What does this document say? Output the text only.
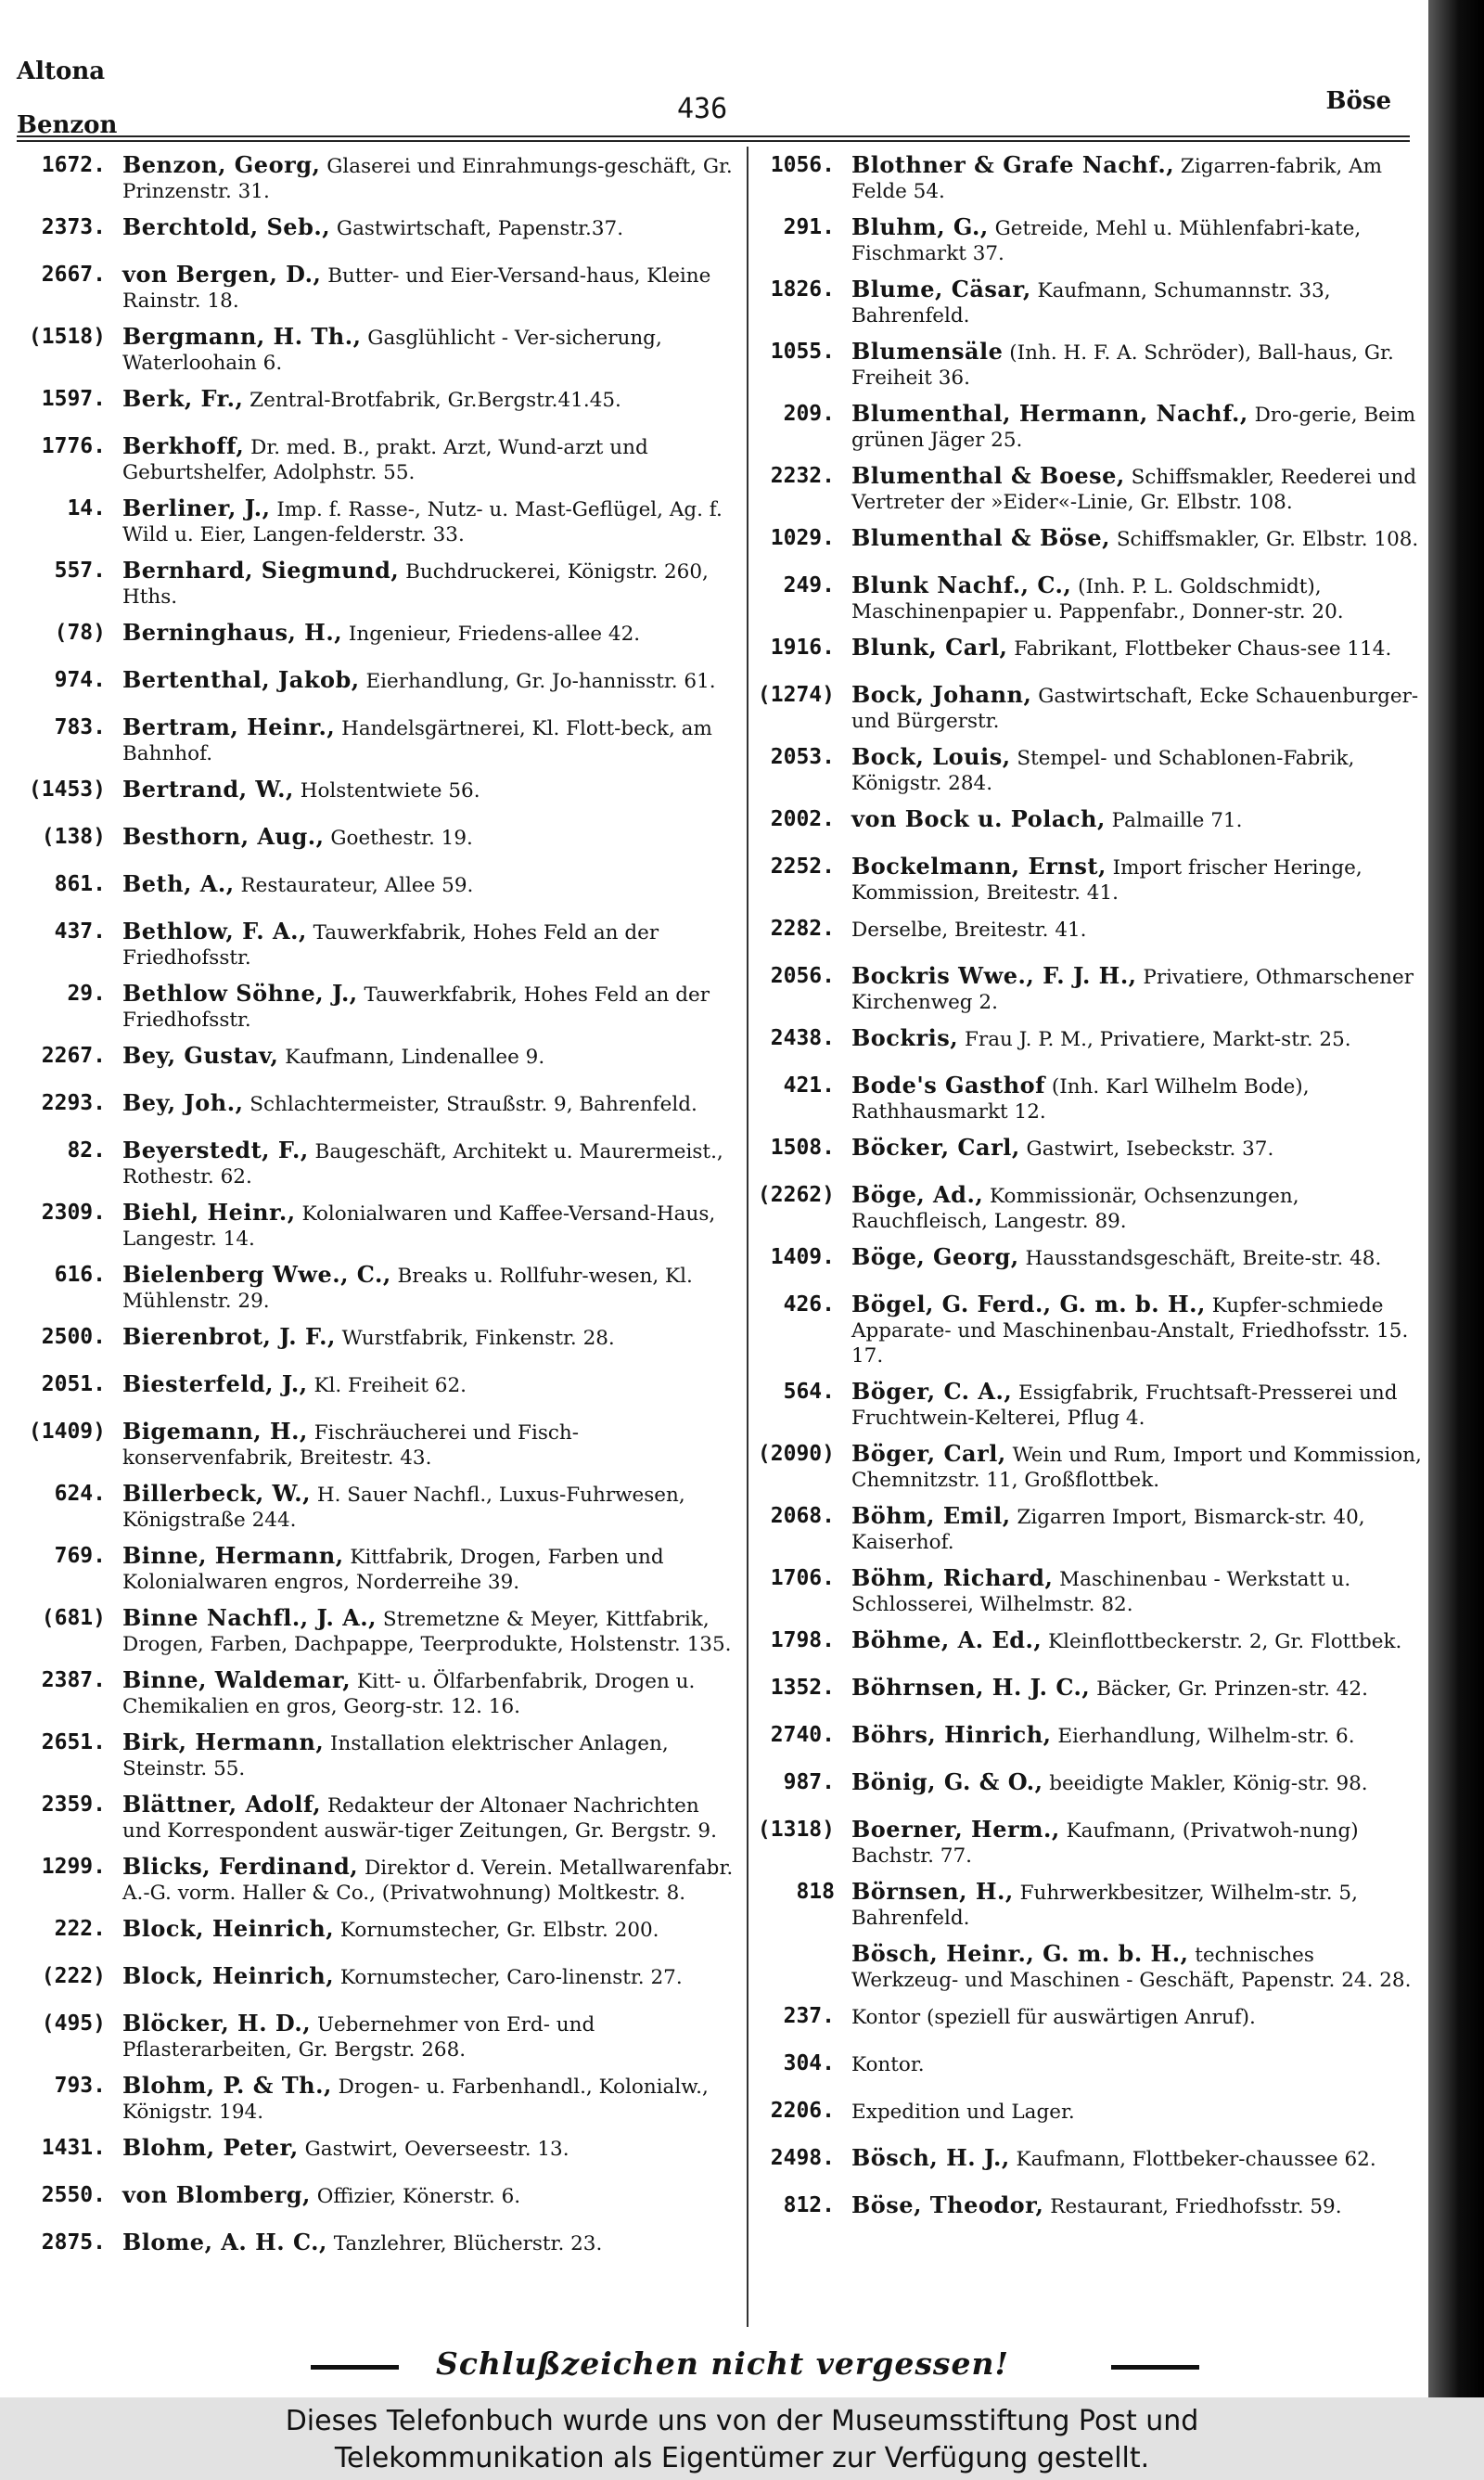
Altona
Benzon	436	Böse
1672. Benzon, Georg, Glaserei und Einrahmungs-geschäft, Gr. Prinzenstr. 31.
2373. Berchtold, Seb., Gastwirtschaft, Papenstr.37.
2667. von Bergen, D., Butter- und Eier-Versand-haus, Kleine Rainstr. 18.
(1518) Bergmann, H. Th., Gasglühlicht - Ver-sicherung, Waterloohain 6.
1597. Berk, Fr., Zentral-Brotfabrik, Gr.Bergstr.41.45.
1776. Berkhoff, Dr. med. B., prakt. Arzt, Wund-arzt und Geburtshelfer, Adolphstr. 55.
14. Berliner, J., Imp. f. Rasse-, Nutz- u. Mast-Geflügel, Ag. f. Wild u. Eier, Langen-felderstr. 33.
557. Bernhard, Siegmund, Buchdruckerei, Königstr. 260, Hths.
(78) Berninghaus, H., Ingenieur, Friedens-allee 42.
974. Bertenthal, Jakob, Eierhandlung, Gr. Jo-hannisstr. 61.
783. Bertram, Heinr., Handelsgärtnerei, Kl. Flott-beck, am Bahnhof.
(1453) Bertrand, W., Holstentwiete 56.
(138) Besthorn, Aug., Goethestr. 19.
861. Beth, A., Restaurateur, Allee 59.
437. Bethlow, F. A., Tauwerkfabrik, Hohes Feld an der Friedhofsstr.
29. Bethlow Söhne, J., Tauwerkfabrik, Hohes Feld an der Friedhofsstr.
2267. Bey, Gustav, Kaufmann, Lindenallee 9.
2293. Bey, Joh., Schlachtermeister, Straußstr. 9, Bahrenfeld.
82. Beyerstedt, F., Baugeschäft, Architekt u. Maurermeist., Rothestr. 62.
2309. Biehl, Heinr., Kolonialwaren und Kaffee-Versand-Haus, Langestr. 14.
616. Bielenberg Wwe., C., Breaks u. Rollfuhr-wesen, Kl. Mühlenstr. 29.
2500. Bierenbrot, J. F., Wurstfabrik, Finkenstr. 28.
2051. Biesterfeld, J., Kl. Freiheit 62.
(1409) Bigemann, H., Fischräucherei und Fisch-konservenfabrik, Breitestr. 43.
624. Billerbeck, W., H. Sauer Nachfl., Luxus-Fuhrwesen, Königstraße 244.
769. Binne, Hermann, Kittfabrik, Drogen, Farben und Kolonialwaren engros, Norderreihe 39.
(681) Binne Nachfl., J. A., Stremetzne & Meyer, Kittfabrik, Drogen, Farben, Dachpappe, Teerprodukte, Holstenstr. 135.
2387. Binne, Waldemar, Kitt- u. Ölfarbenfabrik, Drogen u. Chemikalien en gros, Georg-str. 12. 16.
2651. Birk, Hermann, Installation elektrischer Anlagen, Steinstr. 55.
2359. Blättner, Adolf, Redakteur der Altonaer Nachrichten und Korrespondent auswär-tiger Zeitungen, Gr. Bergstr. 9.
1299. Blicks, Ferdinand, Direktor d. Verein. Metallwarenfabr. A.-G. vorm. Haller & Co., (Privatwohnung) Moltkestr. 8.
222. Block, Heinrich, Kornumstecher, Gr. Elbstr. 200.
(222) Block, Heinrich, Kornumstecher, Caro-linenstr. 27.
(495) Blöcker, H. D., Uebernehmer von Erd- und Pflasterarbeiten, Gr. Bergstr. 268.
793. Blohm, P. & Th., Drogen- u. Farbenhandl., Kolonialw., Königstr. 194.
1431. Blohm, Peter, Gastwirt, Oeverseestr. 13.
2550. von Blomberg, Offizier, Könerstr. 6.
2875. Blome, A. H. C., Tanzlehrer, Blücherstr. 23.
1056. Blothner & Grafe Nachf., Zigarren-fabrik, Am Felde 54.
291. Bluhm, G., Getreide, Mehl u. Mühlenfabri-kate, Fischmarkt 37.
1826. Blume, Cäsar, Kaufmann, Schumannstr. 33, Bahrenfeld.
1055. Blumensäle (Inh. H. F. A. Schröder), Ball-haus, Gr. Freiheit 36.
209. Blumenthal, Hermann, Nachf., Dro-gerie, Beim grünen Jäger 25.
2232. Blumenthal & Boese, Schiffsmakler, Reederei und Vertreter der »Eider«-Linie, Gr. Elbstr. 108.
1029. Blumenthal & Böse, Schiffsmakler, Gr. Elbstr. 108.
249. Blunk Nachf., C., (Inh. P. L. Goldschmidt), Maschinenpapier u. Pappenfabr., Donner-str. 20.
1916. Blunk, Carl, Fabrikant, Flottbeker Chaus-see 114.
(1274) Bock, Johann, Gastwirtschaft, Ecke Schauenburger- und Bürgerstr.
2053. Bock, Louis, Stempel- und Schablonen-Fabrik, Königstr. 284.
2002. von Bock u. Polach, Palmaille 71.
2252. Bockelmann, Ernst, Import frischer Heringe, Kommission, Breitestr. 41.
2282. Derselbe, Breitestr. 41.
2056. Bockris Wwe., F. J. H., Privatiere, Othmarschener Kirchenweg 2.
2438. Bockris, Frau J. P. M., Privatiere, Markt-str. 25.
421. Bode's Gasthof (Inh. Karl Wilhelm Bode), Rathhausmarkt 12.
1508. Böcker, Carl, Gastwirt, Isebeckstr. 37.
(2262) Böge, Ad., Kommissionär, Ochsenzungen, Rauchfleisch, Langestr. 89.
1409. Böge, Georg, Hausstandsgeschäft, Breite-str. 48.
426. Bögel, G. Ferd., G. m. b. H., Kupfer-schmiede Apparate- und Maschinenbau-Anstalt, Friedhofsstr. 15. 17.
564. Böger, C. A., Essigfabrik, Fruchtsaft-Presserei und Fruchtwein-Kelterei, Pflug 4.
(2090) Böger, Carl, Wein und Rum, Import und Kommission, Chemnitzstr. 11, Großflottbek.
2068. Böhm, Emil, Zigarren Import, Bismarck-str. 40, Kaiserhof.
1706. Böhm, Richard, Maschinenbau - Werkstatt u. Schlosserei, Wilhelmstr. 82.
1798. Böhme, A. Ed., Kleinflottbeckerstr. 2, Gr. Flottbek.
1352. Böhrnsen, H. J. C., Bäcker, Gr. Prinzen-str. 42.
2740. Böhrs, Hinrich, Eierhandlung, Wilhelm-str. 6.
987. Bönig, G. & O., beeidigte Makler, König-str. 98.
(1318) Boerner, Herm., Kaufmann, (Privatwoh-nung) Bachstr. 77.
818 Börnsen, H., Fuhrwerkbesitzer, Wilhelm-str. 5, Bahrenfeld.
Bösch, Heinr., G. m. b. H., technisches Werkzeug- und Maschinen - Geschäft, Papenstr. 24. 28.
237. Kontor (speziell für auswärtigen Anruf).
304. Kontor.
2206. Expedition und Lager.
2498. Bösch, H. J., Kaufmann, Flottbeker-chaussee 62.
812. Böse, Theodor, Restaurant, Friedhofsstr. 59.
Schlußzeichen nicht vergessen!
Dieses Telefonbuch wurde uns von der Museumsstiftung Post und
Telekommunikation als Eigentümer zur Verfügung gestellt.
